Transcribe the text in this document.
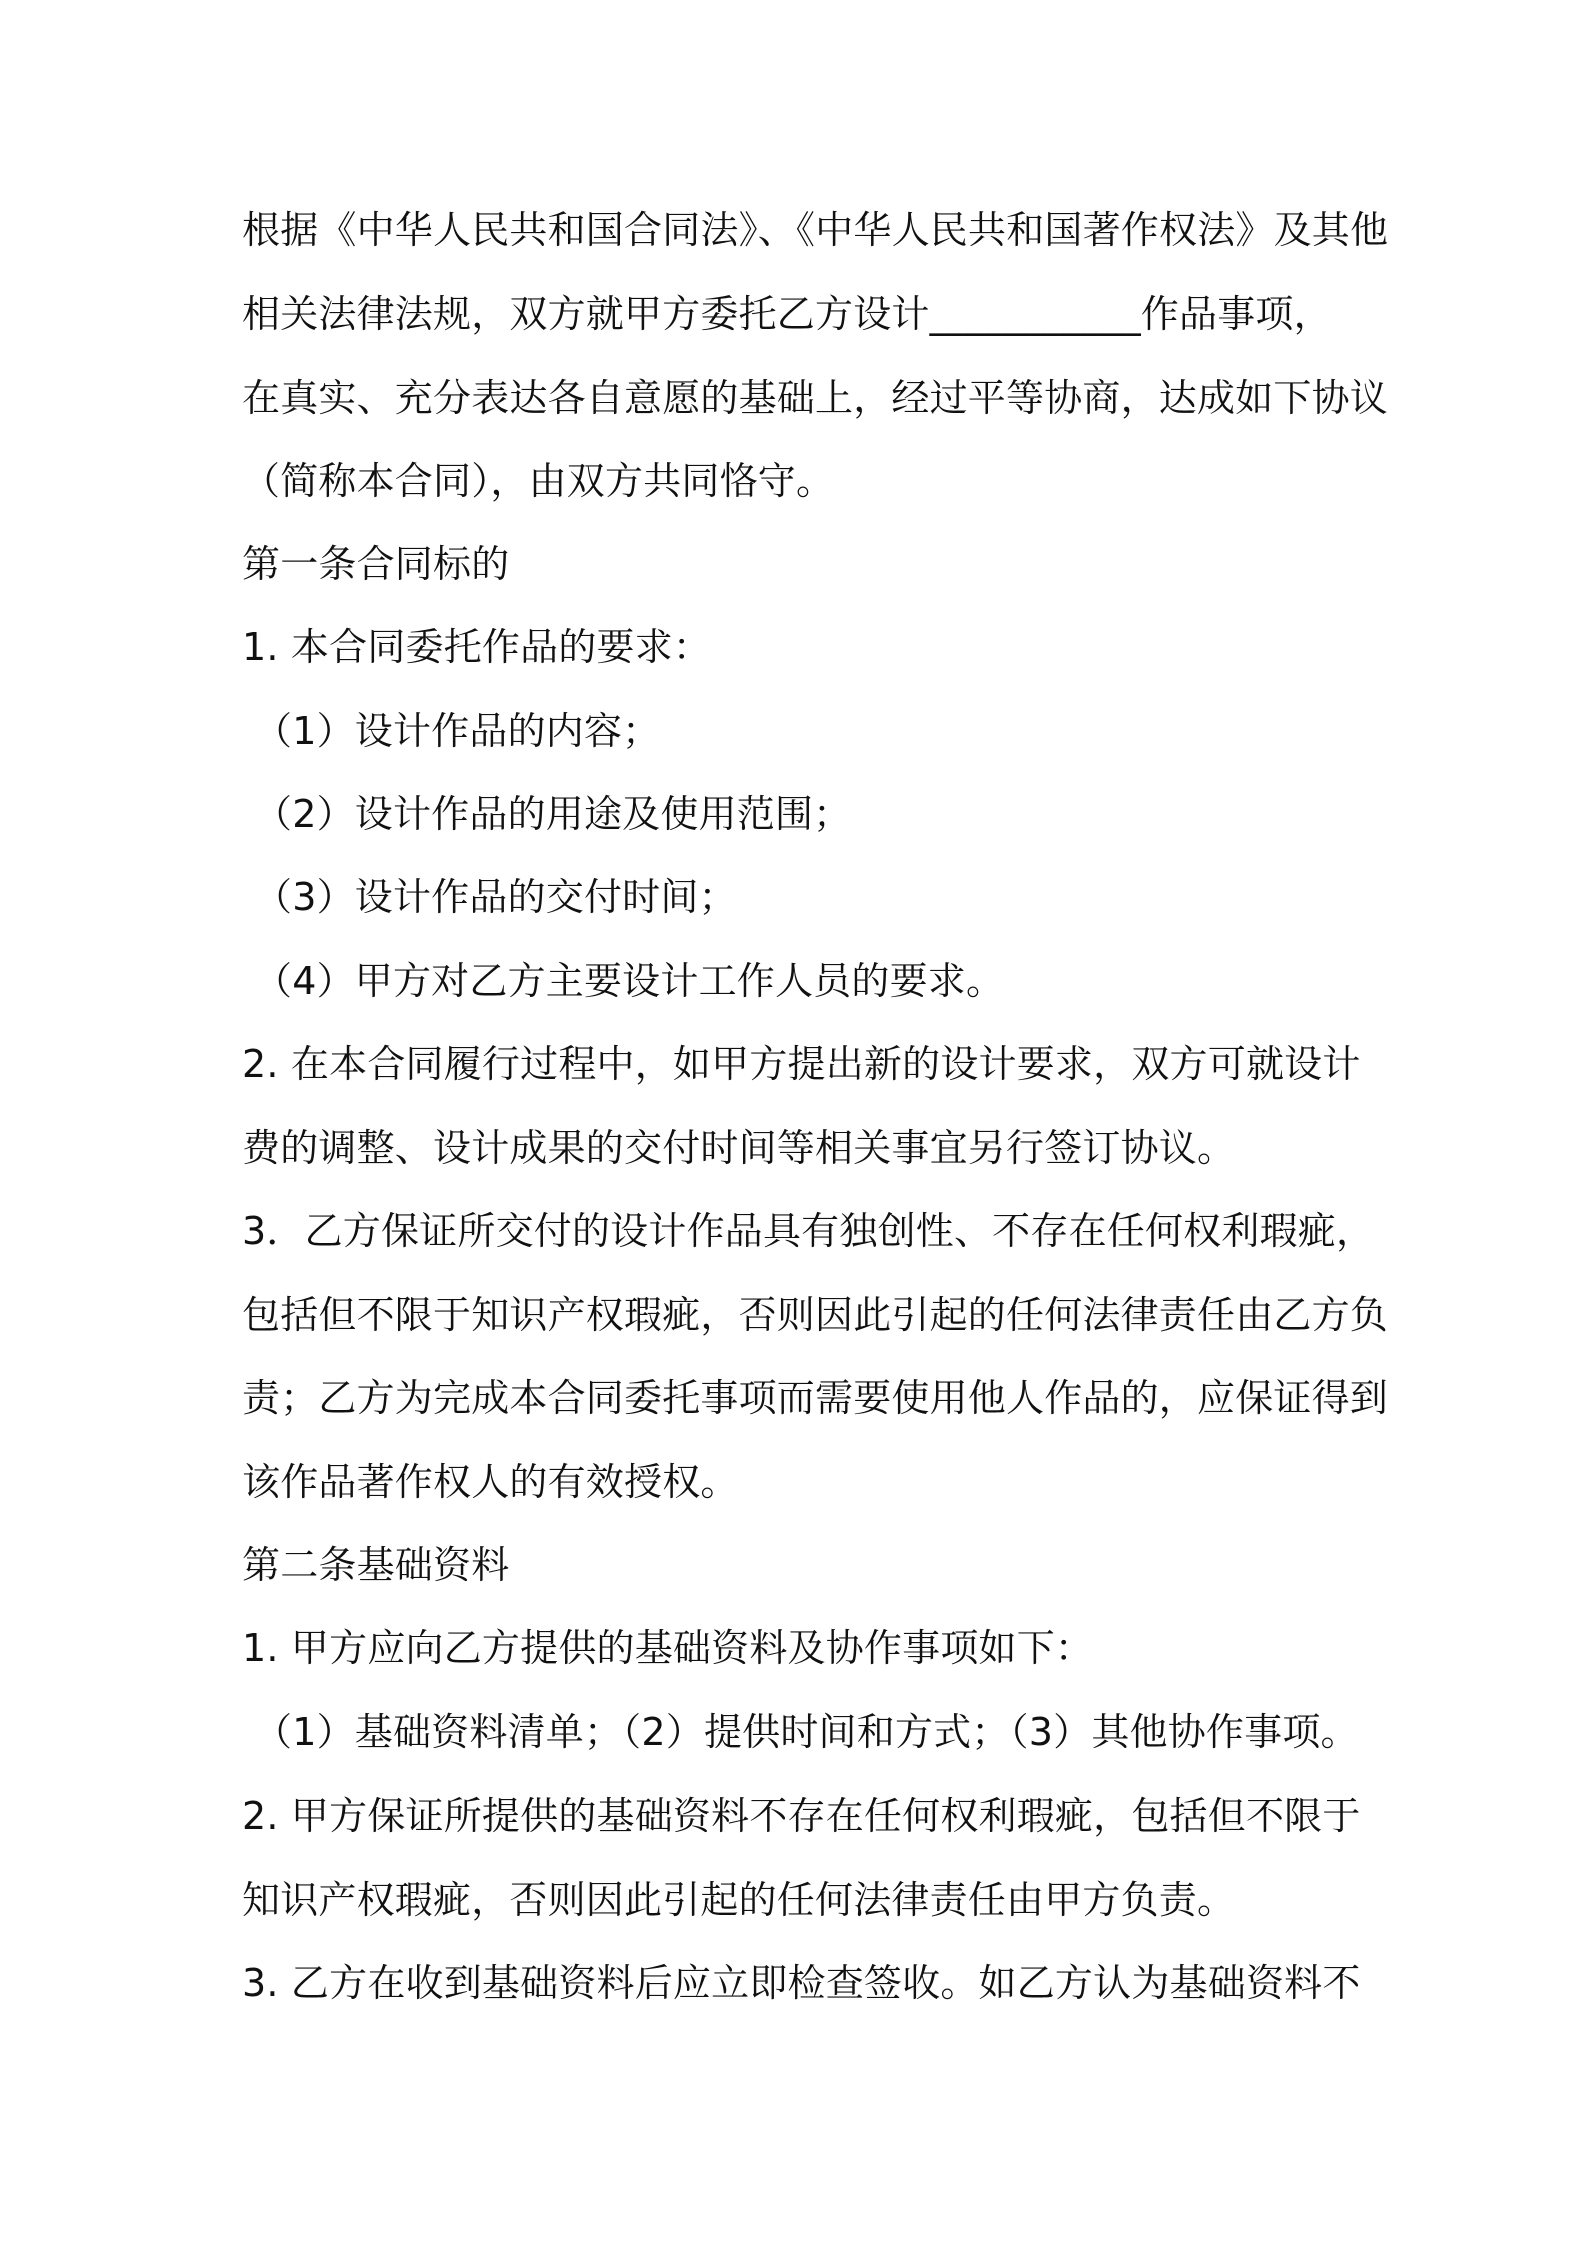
根据《中华人民共和国合同法》、《中华人民共和国著作权法》及其他
相关法律法规，双方就甲方委托乙方设计___________作品事项，
在真实、充分表达各自意愿的基础上，经过平等协商，达成如下协议
（简称本合同），由双方共同恪守。
第一条合同标的
1. 本合同委托作品的要求：
（1）设计作品的内容；
（2）设计作品的用途及使用范围；
（3）设计作品的交付时间；
（4）甲方对乙方主要设计工作人员的要求。
2. 在本合同履行过程中，如甲方提出新的设计要求，双方可就设计
费的调整、设计成果的交付时间等相关事宜另行签订协议。
3．乙方保证所交付的设计作品具有独创性、不存在任何权利瑕疵，
包括但不限于知识产权瑕疵，否则因此引起的任何法律责任由乙方负
责；乙方为完成本合同委托事项而需要使用他人作品的，应保证得到
该作品著作权人的有效授权。
第二条基础资料
1. 甲方应向乙方提供的基础资料及协作事项如下：
（1）基础资料清单；（2）提供时间和方式；（3）其他协作事项。
2. 甲方保证所提供的基础资料不存在任何权利瑕疵，包括但不限于
知识产权瑕疵，否则因此引起的任何法律责任由甲方负责。
3. 乙方在收到基础资料后应立即检查签收。如乙方认为基础资料不
